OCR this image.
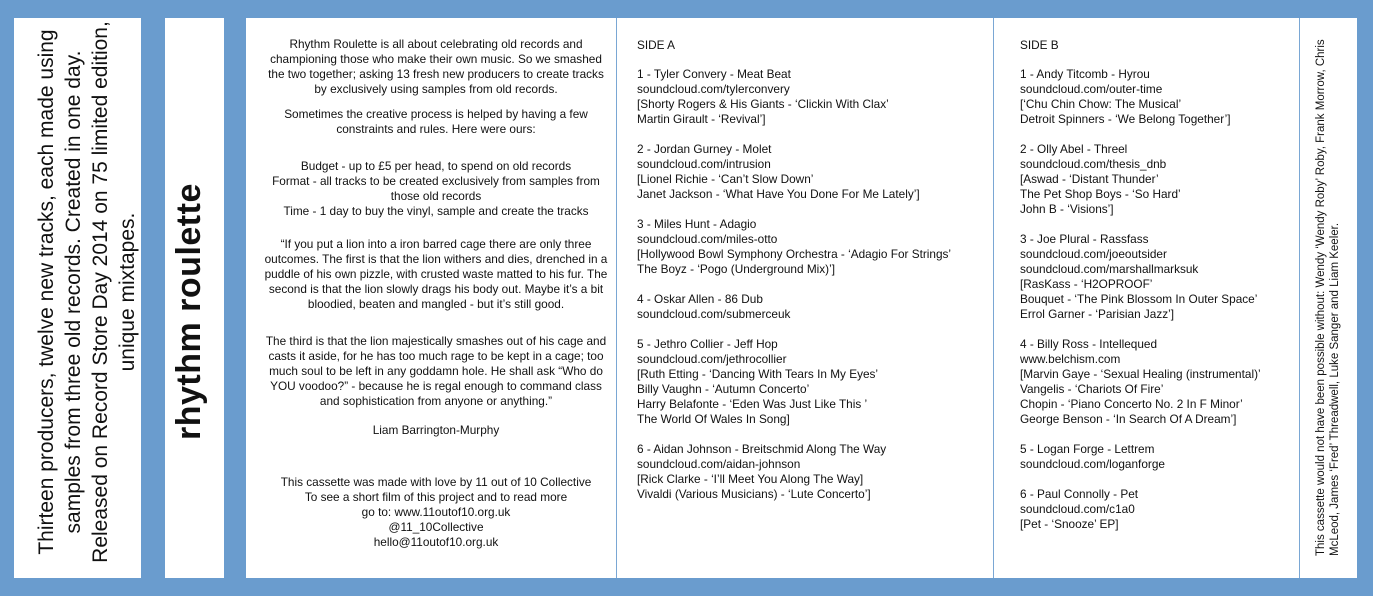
Thirteen producers, twelve new tracks, each made using samples from three old records. Created in one day. Released on Record Store Day 2014 on 75 limited edition, unique mixtapes. rhythm roulette

Rhythm Roulette is all about celebrating old records and championing those who make their own music. So we smashed the two together; asking 13 fresh new producers to create tracks by exclusively using samples from old records.

Sometimes the creative process is helped by having a few constraints and rules. Here were ours:

Budget - up to £5 per head, to spend on old records
Format - all tracks to be created exclusively from samples from those old records
Time - 1 day to buy the vinyl, sample and create the tracks

“If you put a lion into a iron barred cage there are only three outcomes. The first is that the lion withers and dies, drenched in a puddle of his own pizzle, with crusted waste matted to his fur. The second is that the lion slowly drags his body out. Maybe it’s a bit bloodied, beaten and mangled - but it’s still good.

The third is that the lion majestically smashes out of his cage and casts it aside, for he has too much rage to be kept in a cage; too much soul to be left in any goddamn hole. He shall ask “Who do YOU voodoo?” - because he is regal enough to command class and sophistication from anyone or anything.”

Liam Barrington-Murphy

This cassette was made with love by 11 out of 10 Collective
To see a short film of this project and to read more
go to: www.11outof10.org.uk
@11_10Collective
hello@11outof10.org.uk
SIDE A
1 - Tyler Convery - Meat Beat
soundcloud.com/tylerconvery
[Shorty Rogers & His Giants - ‘Clickin With Clax’
Martin Girault - ‘Revival’]
2 - Jordan Gurney - Molet
soundcloud.com/intrusion
[Lionel Richie - ‘Can’t Slow Down’
Janet Jackson - ‘What Have You Done For Me Lately’]
3 - Miles Hunt - Adagio
soundcloud.com/miles-otto
[Hollywood Bowl Symphony Orchestra - ‘Adagio For Strings’
The Boyz - ‘Pogo (Underground Mix)’]
4 - Oskar Allen - 86 Dub
soundcloud.com/submerceuk
5 - Jethro Collier - Jeff Hop
soundcloud.com/jethrocollier
[Ruth Etting - ‘Dancing With Tears In My Eyes’
Billy Vaughn - ‘Autumn Concerto’
Harry Belafonte - ‘Eden Was Just Like This ’
The World Of Wales In Song]
6 - Aidan Johnson - Breitschmid Along The Way
soundcloud.com/aidan-johnson
[Rick Clarke - ‘I’ll Meet You Along The Way]
Vivaldi (Various Musicians) - ‘Lute Concerto’]
SIDE B
1 - Andy Titcomb - Hyrou
soundcloud.com/outer-time
[‘Chu Chin Chow: The Musical’
Detroit Spinners - ‘We Belong Together’]
2 - Olly Abel - Threel
soundcloud.com/thesis_dnb
[Aswad - ‘Distant Thunder’
The Pet Shop Boys - ‘So Hard’
John B - ‘Visions’]
3 - Joe Plural - Rassfass
soundcloud.com/joeoutsider
soundcloud.com/marshallmarksuk
[RasKass - ‘H2OPROOF’
Bouquet - ‘The Pink Blossom In Outer Space’
Errol Garner - ‘Parisian Jazz’]
4 - Billy Ross - Intellequed
www.belchism.com
[Marvin Gaye - ‘Sexual Healing (instrumental)’
Vangelis - ‘Chariots Of Fire’
Chopin - ‘Piano Concerto No. 2 In F Minor’
George Benson - ‘In Search Of A Dream’]
5 - Logan Forge - Lettrem
soundcloud.com/loganforge
6 - Paul Connolly - Pet
soundcloud.com/c1a0
[Pet - ‘Snooze’ EP]	This cassette would not have been possible without: Wendy ‘Wendy Roby’ Roby, Frank Morrow, Chris McLeod, James ‘Fred’ Threadwell, Luke Sanger and Liam Keeler.
